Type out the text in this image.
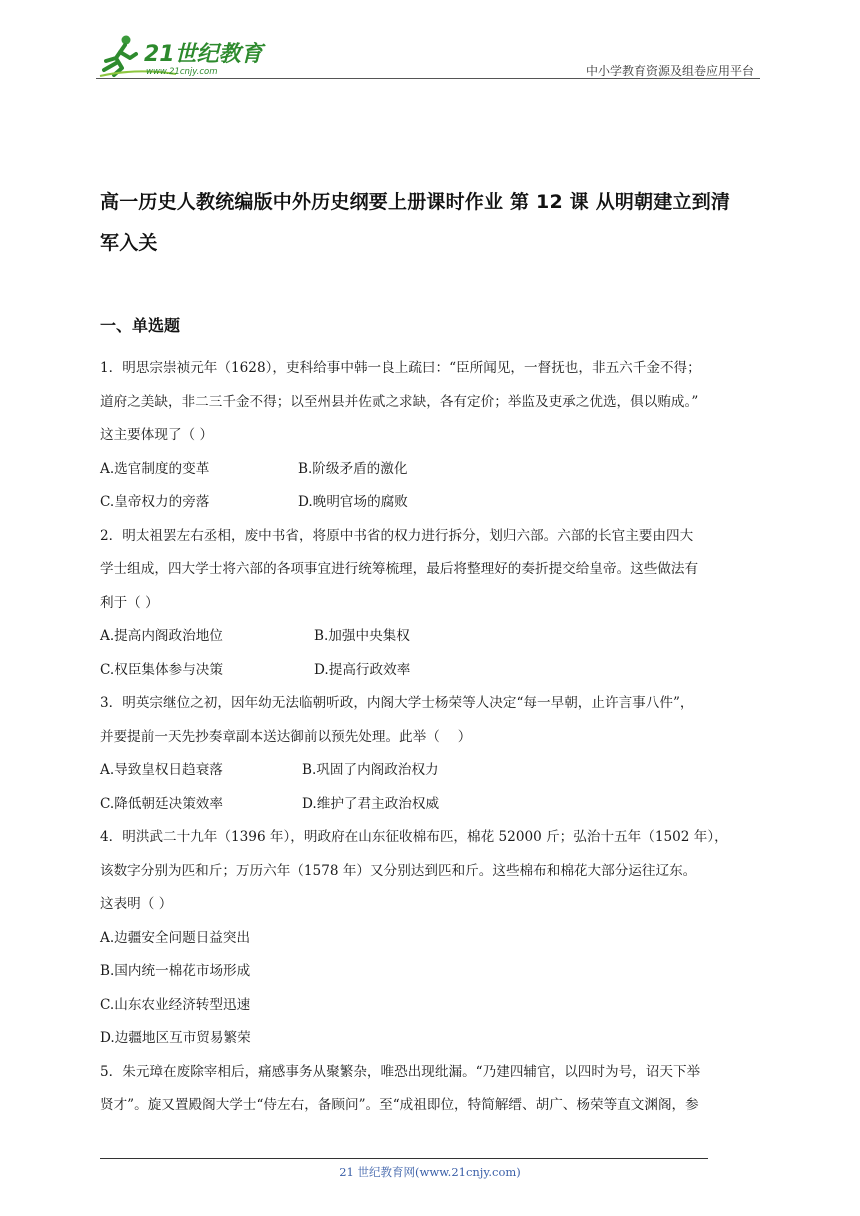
21世纪教育
www.21cnjy.com	中小学教育资源及组卷应用平台
高一历史人教统编版中外历史纲要上册课时作业 第 12 课 从明朝建立到清
军入关
一、单选题
1．明思宗崇祯元年（1628），吏科给事中韩一良上疏曰：“臣所闻见，一督抚也，非五六千金不得；
道府之美缺，非二三千金不得；以至州县并佐贰之求缺，各有定价；举监及吏承之优选，俱以贿成。”
这主要体现了（ ）
A.选官制度的变革	B.阶级矛盾的激化
C.皇帝权力的旁落	D.晚明官场的腐败
2．明太祖罢左右丞相，废中书省，将原中书省的权力进行拆分，划归六部。六部的长官主要由四大
学士组成，四大学士将六部的各项事宜进行统筹梳理，最后将整理好的奏折提交给皇帝。这些做法有
利于（ ）
A.提高内阁政治地位	B.加强中央集权
C.权臣集体参与决策	D.提高行政效率
3．明英宗继位之初，因年幼无法临朝听政，内阁大学士杨荣等人决定“每一早朝，止许言事八件”，
并要提前一天先抄奏章副本送达御前以预先处理。此举（　 ）
A.导致皇权日趋衰落	B.巩固了内阁政治权力
C.降低朝廷决策效率	D.维护了君主政治权威
4．明洪武二十九年（1396 年），明政府在山东征收棉布匹，棉花 52000 斤；弘治十五年（1502 年），
该数字分别为匹和斤；万历六年（1578 年）又分别达到匹和斤。这些棉布和棉花大部分运往辽东。
这表明（ ）
A.边疆安全问题日益突出
B.国内统一棉花市场形成
C.山东农业经济转型迅速
D.边疆地区互市贸易繁荣
5．朱元璋在废除宰相后，痛感事务从聚繁杂，唯恐出现纰漏。“乃建四辅官，以四时为号，诏天下举
贤才”。旋又置殿阁大学士“侍左右，备顾问”。至“成祖即位，特简解缙、胡广、杨荣等直文渊阁，参
21 世纪教育网(www.21cnjy.com)
